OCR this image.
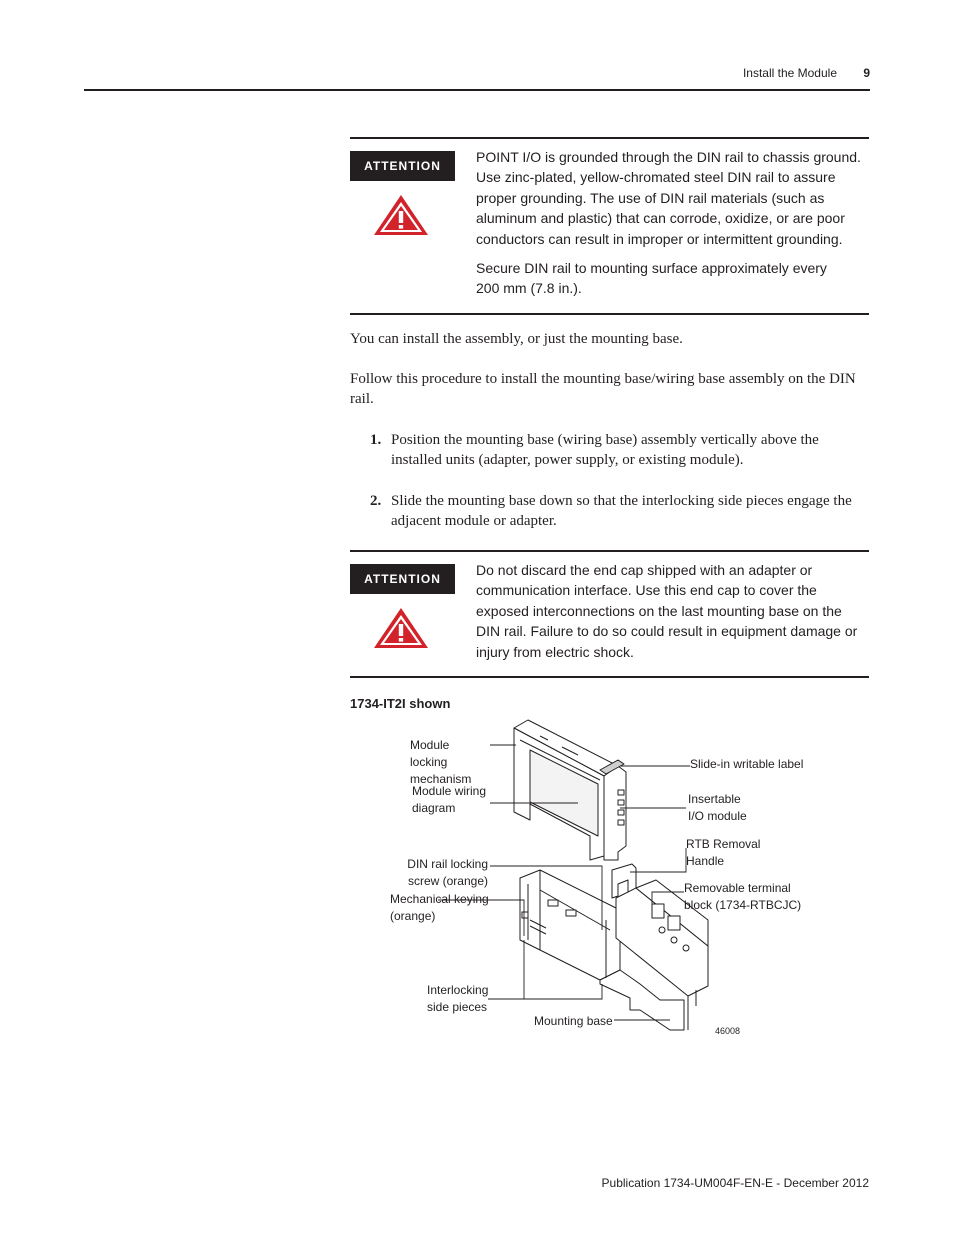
Install the Module	9
ATTENTION

POINT I/O is grounded through the DIN rail to chassis ground. Use zinc-plated, yellow-chromated steel DIN rail to assure proper grounding. The use of DIN rail materials (such as aluminum and plastic) that can corrode, oxidize, or are poor conductors can result in improper or intermittent grounding.

Secure DIN rail to mounting surface approximately every 200 mm (7.8 in.).

You can install the assembly, or just the mounting base.

Follow this procedure to install the mounting base/wiring base assembly on the DIN rail.

1. Position the mounting base (wiring base) assembly vertically above the installed units (adapter, power supply, or existing module).
2. Slide the mounting base down so that the interlocking side pieces engage the adjacent module or adapter.
ATTENTION

Do not discard the end cap shipped with an adapter or communication interface. Use this end cap to cover the exposed interconnections on the last mounting base on the DIN rail. Failure to do so could result in equipment damage or injury from electric shock.

1734-IT2I shown
Module locking
mechanism
Module wiring
diagram
DIN rail locking
screw (orange)
Mechanical keying
(orange)
Interlocking
side pieces
Mounting base
Slide-in writable label
Insertable
I/O module
RTB Removal
Handle
Removable terminal
block (1734-RTBCJC)
46008
Publication 1734-UM004F-EN-E - December 2012
